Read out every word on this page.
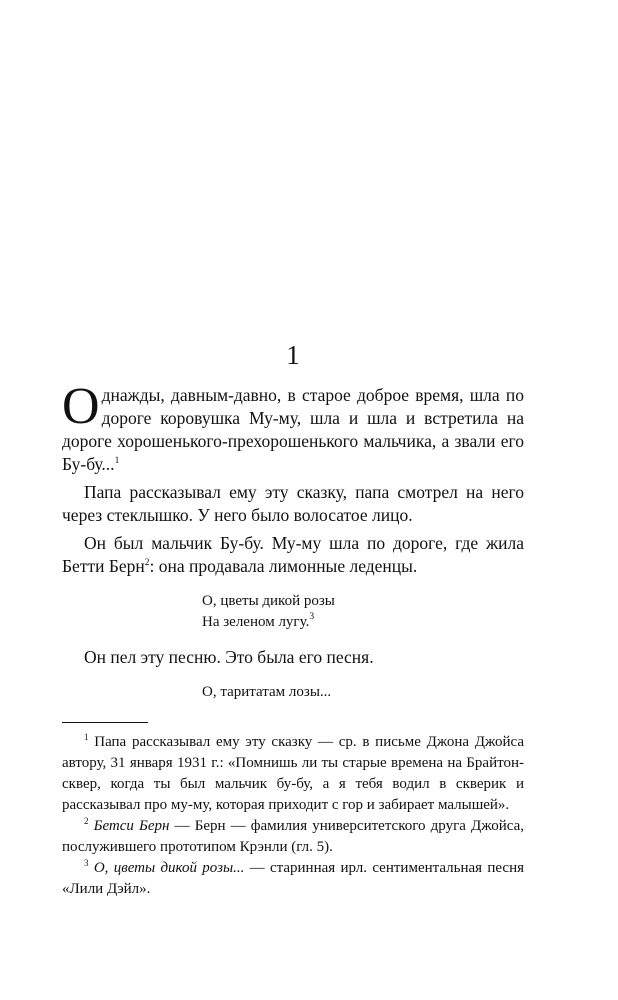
1

Однажды, давным-давно, в старое доброе время, шла по дороге коровушка Му-му, шла и шла и встретила на дороге хорошенького-прехорошенького мальчика, а звали его Бу-бу...$^1$

Папа рассказывал ему эту сказку, папа смотрел на него через стеклышко. У него было волосатое лицо.

Он был мальчик Бу-бу. Му-му шла по дороге, где жила Бетти Берн$^2$: она продавала лимонные леденцы.

О, цветы дикой розы
На зеленом лугу.$^3$

Он пел эту песню. Это была его песня.

О, таритатам лозы...

$^1$ Папа рассказывал ему эту сказку — ср. в письме Джона Джойса автору, 31 января 1931 г.: «Помнишь ли ты старые времена на Брайтон-сквер, когда ты был мальчик бу-бу, а я тебя водил в скверик и рассказывал про му-му, которая приходит с гор и забирает малышей».

$^2$ Бетси Берн — Берн — фамилия университетского друга Джойса, послужившего прототипом Крэнли (гл. 5).

$^3$ О, цветы дикой розы... — старинная ирл. сентиментальная песня «Лили Дэйл».
